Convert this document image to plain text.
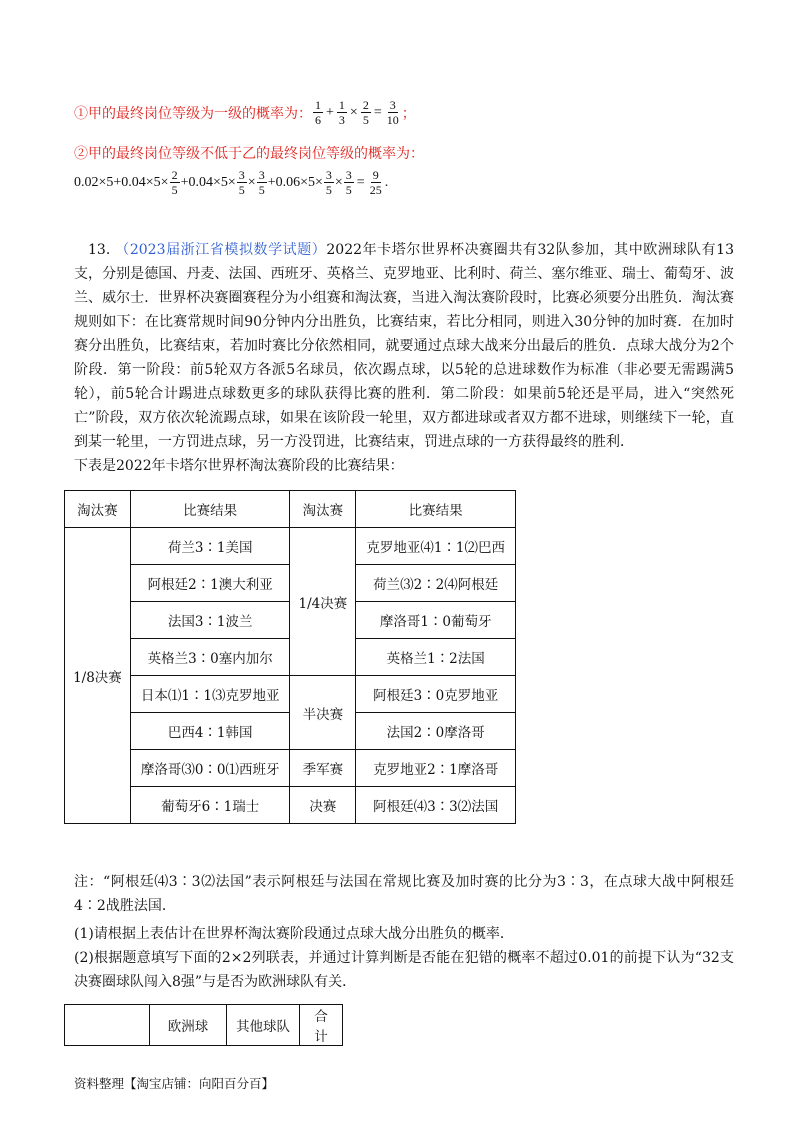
①甲的最终岗位等级为一级的概率为： $\frac{1}{6} + \frac{1}{3} \times \frac{2}{5} = \frac{3}{10}$ ；
②甲的最终岗位等级不低于乙的最终岗位等级的概率为：
$0.02\times 5+0.04\times 5\times \frac{2}{5} +0.04\times 5\times \frac{3}{5} \times \frac{3}{5} +0.06\times 5\times \frac{3}{5} \times \frac{3}{5} = \frac{9}{25}$ .
13. （2023届浙江省模拟数学试题）2022年卡塔尔世界杯决赛圈共有32队参加，其中欧洲球队有13支，分别是德国、丹麦、法国、西班牙、英格兰、克罗地亚、比利时、荷兰、塞尔维亚、瑞士、葡萄牙、波兰、威尔士．世界杯决赛圈赛程分为小组赛和淘汰赛，当进入淘汰赛阶段时，比赛必须要分出胜负．淘汰赛规则如下：在比赛常规时间90分钟内分出胜负，比赛结束，若比分相同，则进入30分钟的加时赛．在加时赛分出胜负，比赛结束，若加时赛比分依然相同，就要通过点球大战来分出最后的胜负．点球大战分为2个阶段．第一阶段：前5轮双方各派5名球员，依次踢点球，以5轮的总进球数作为标准（非必要无需踢满5轮），前5轮合计踢进点球数更多的球队获得比赛的胜利．第二阶段：如果前5轮还是平局，进入“突然死亡”阶段，双方依次轮流踢点球，如果在该阶段一轮里，双方都进球或者双方都不进球，则继续下一轮，直到某一轮里，一方罚进点球，另一方没罚进，比赛结束，罚进点球的一方获得最终的胜利．
下表是2022年卡塔尔世界杯淘汰赛阶段的比赛结果：
淘汰赛	比赛结果	淘汰赛	比赛结果
1/8决赛	荷兰3∶1美国	1/4决赛	克罗地亚⑷1∶1⑵巴西
	阿根廷2∶1澳大利亚		荷兰⑶2∶2⑷阿根廷
	法国3∶1波兰		摩洛哥1∶0葡萄牙
	英格兰3∶0塞内加尔		英格兰1∶2法国
	日本⑴1∶1⑶克罗地亚	半决赛	阿根廷3∶0克罗地亚
	巴西4∶1韩国		法国2∶0摩洛哥
	摩洛哥⑶0∶0⑴西班牙	季军赛	克罗地亚2∶1摩洛哥
	葡萄牙6∶1瑞士	决赛	阿根廷⑷3∶3⑵法国
注：“阿根廷⑷3∶3⑵法国”表示阿根廷与法国在常规比赛及加时赛的比分为3∶3，在点球大战中阿根廷4∶2战胜法国．
(1)请根据上表估计在世界杯淘汰赛阶段通过点球大战分出胜负的概率．
(2)根据题意填写下面的2×2列联表，并通过计算判断是否能在犯错的概率不超过0.01的前提下认为“32支决赛圈球队闯入8强”与是否为欧洲球队有关．
	欧洲球	其他球队	合计
资料整理【淘宝店铺：向阳百分百】
